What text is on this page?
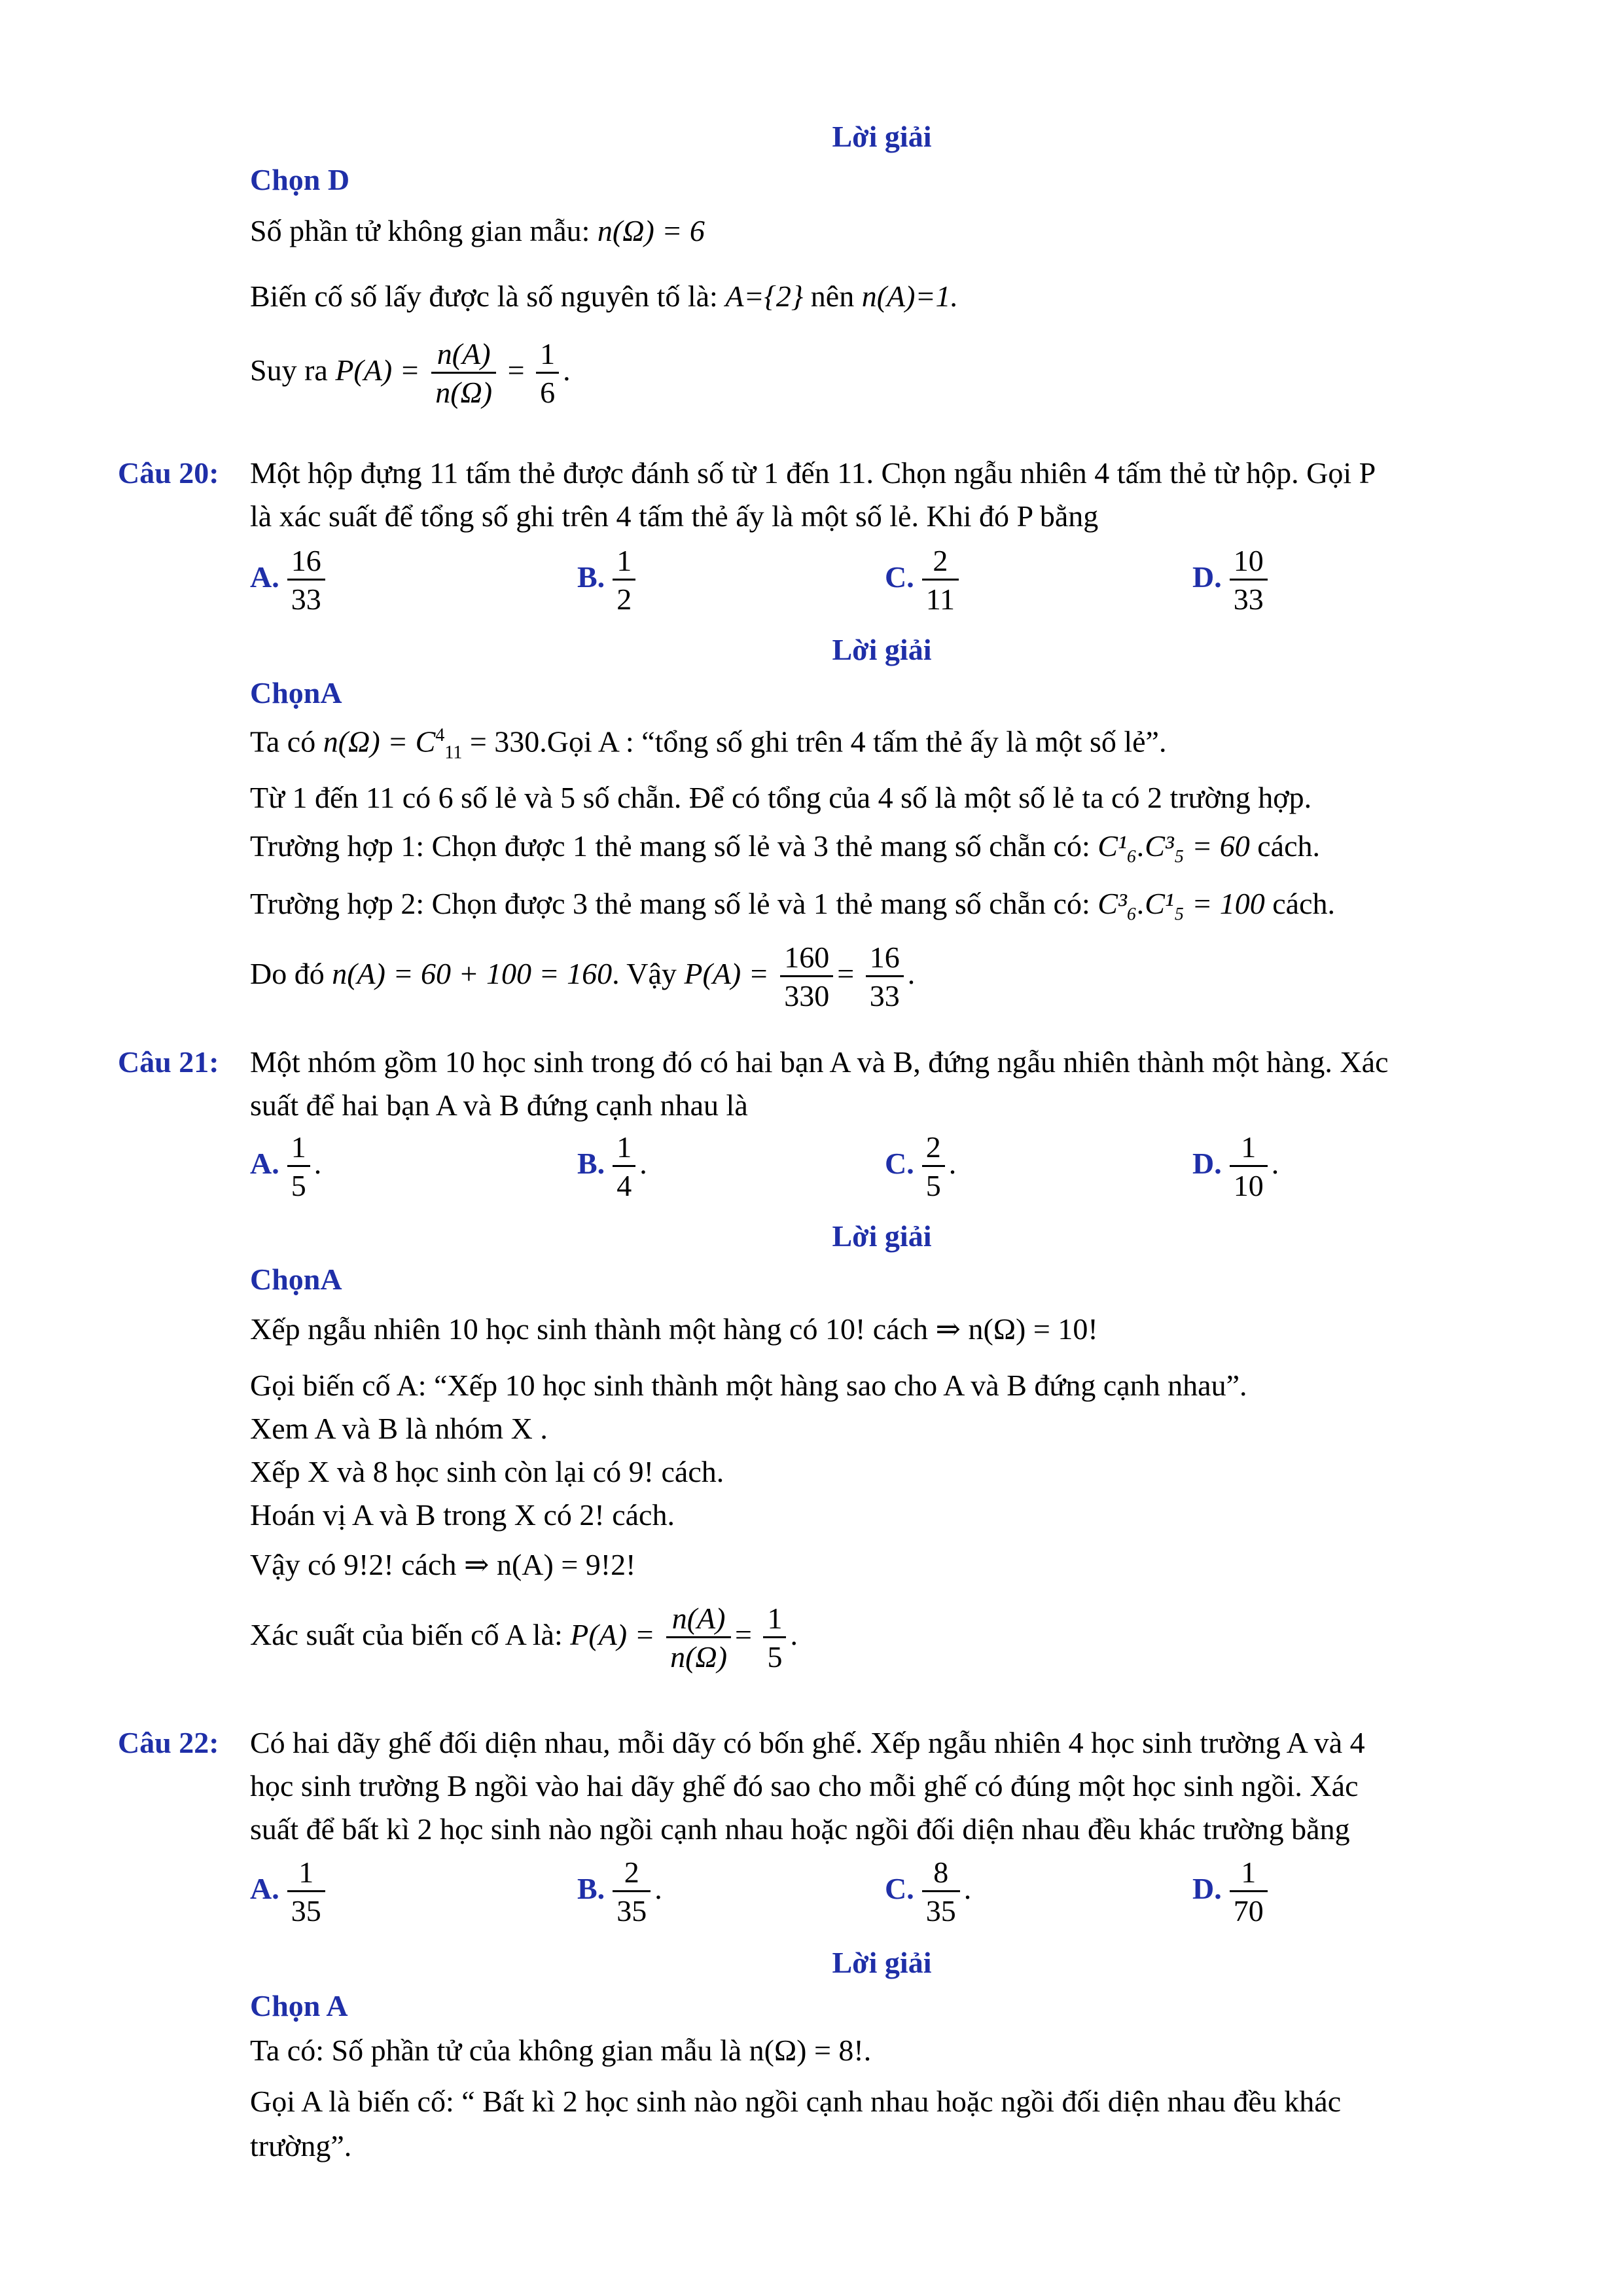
Lời giải
Chọn D
Số phần tử không gian mẫu: n(Ω) = 6
Biến cố số lấy được là số nguyên tố là: A={2} nên n(A)=1.
Suy ra $P(A) = \frac{n(A)}{n(\Omega)} = \frac{1}{6}$ .
Câu 20: Một hộp đựng 11 tấm thẻ được đánh số từ 1 đến 11. Chọn ngẫu nhiên 4 tấm thẻ từ hộp. Gọi P
là xác suất để tổng số ghi trên 4 tấm thẻ ấy là một số lẻ. Khi đó P bằng
A. $\frac{16}{33}$	B. $\frac{1}{2}$	C. $\frac{2}{11}$	D. $\frac{10}{33}$
Lời giải
ChọnA
Ta có $n(\Omega) = C^4_{11}$ = 330.Gọi A : “tổng số ghi trên 4 tấm thẻ ấy là một số lẻ”.
Từ 1 đến 11 có 6 số lẻ và 5 số chẵn. Để có tổng của 4 số là một số lẻ ta có 2 trường hợp.
Trường hợp 1: Chọn được 1 thẻ mang số lẻ và 3 thẻ mang số chẵn có: C¹₆.C³₅ = 60 cách.
Trường hợp 2: Chọn được 3 thẻ mang số lẻ và 1 thẻ mang số chẵn có: C³₆.C¹₅ = 100 cách.
Do đó n(A) = 60 + 100 = 160. Vậy $P(A) = \frac{160}{330} = \frac{16}{33}$ .
Câu 21: Một nhóm gồm 10 học sinh trong đó có hai bạn A và B, đứng ngẫu nhiên thành một hàng. Xác
suất để hai bạn A và B đứng cạnh nhau là
A. $\frac{1}{5}$ .	B. $\frac{1}{4}$ .	C. $\frac{2}{5}$ .	D. $\frac{1}{10}$ .
Lời giải
ChọnA
Xếp ngẫu nhiên 10 học sinh thành một hàng có 10! cách ⇒ n(Ω) = 10!
Gọi biến cố A: “Xếp 10 học sinh thành một hàng sao cho A và B đứng cạnh nhau”.
Xem A và B là nhóm X .
Xếp X và 8 học sinh còn lại có 9! cách.
Hoán vị A và B trong X có 2! cách.
Vậy có 9!2! cách ⇒ n(A) = 9!2!
Xác suất của biến cố A là: $P(A) = \frac{n(A)}{n(\Omega)} = \frac{1}{5}$ .
Câu 22: Có hai dãy ghế đối diện nhau, mỗi dãy có bốn ghế. Xếp ngẫu nhiên 4 học sinh trường A và 4
học sinh trường B ngồi vào hai dãy ghế đó sao cho mỗi ghế có đúng một học sinh ngồi. Xác
suất để bất kì 2 học sinh nào ngồi cạnh nhau hoặc ngồi đối diện nhau đều khác trường bằng
A. $\frac{1}{35}$	B. $\frac{2}{35}$ .	C. $\frac{8}{35}$ .	D. $\frac{1}{70}$
Lời giải
Chọn A
Ta có: Số phần tử của không gian mẫu là n(Ω) = 8!.
Gọi A là biến cố: “ Bất kì 2 học sinh nào ngồi cạnh nhau hoặc ngồi đối diện nhau đều khác
trường”.
